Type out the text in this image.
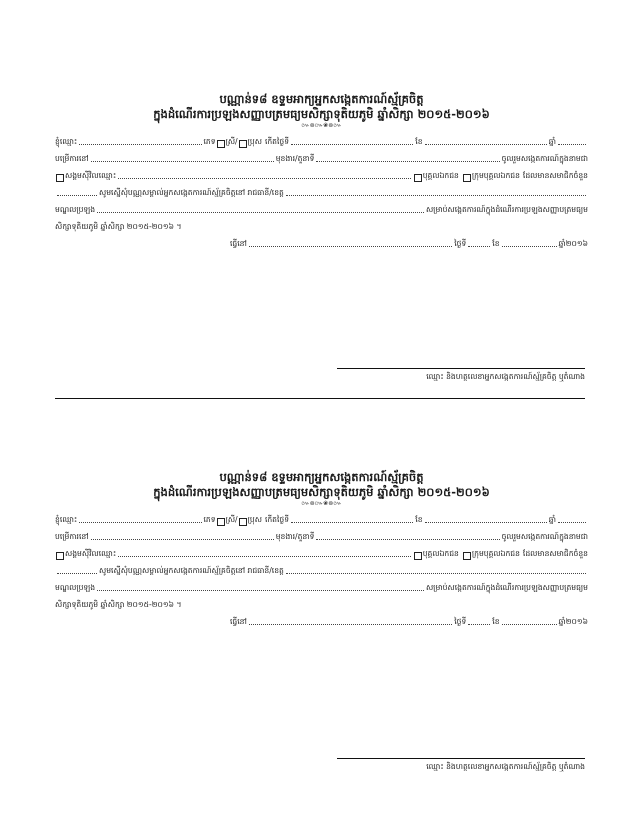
បណ្ណាន់ទ៨ ឧទ្ទមអាក្យអ្នកសង្កេតការណ៍ស្ម័គ្រចិត្ត
ក្នុងដំណើរការប្រឡងសញ្ញាបត្រមធ្យមសិក្សាទុតិយភូមិ ឆ្នាំសិក្សា ២០១៥-២០១៦
៚៙៚❀៙៚
ខ្ញុំឈ្មោះ	ភេទ ស្រី/ ប្រុស កើតថ្ងៃទី	ខែ	ឆ្នាំ
បម្រើការនៅ	មុខងារ/តួនាទី	ចូលរួមសង្កេតការណ៍ក្នុងនាមជា
សង្គមស៊ីវិលឈ្មោះ	បុគ្គលឯកជន ក្រុមបុគ្គលឯកជន ដែលមានសមាជិកចំនួន
សូមស្នើសុំបណ្ណសម្គាល់អ្នកសង្កេតការណ៍ស្ម័គ្រចិត្តនៅ រាជធានី/ខេត្ត
មណ្ឌលប្រឡង	សម្រាប់សង្កេតការណ៍ក្នុងដំណើរការប្រឡងសញ្ញាបត្រមធ្យម
សិក្សាទុតិយភូមិ ឆ្នាំសិក្សា ២០១៥-២០១៦ ។
ធ្វើនៅ	ថ្ងៃទី	ខែ	ឆ្នាំ២០១៦
ឈ្មោះ និងហត្ថលេខាអ្នកសង្កេតការណ៍ស្ម័គ្រចិត្ត ឬតំណាង
បណ្ណាន់ទ៨ ឧទ្ទមអាក្យអ្នកសង្កេតការណ៍ស្ម័គ្រចិត្ត
ក្នុងដំណើរការប្រឡងសញ្ញាបត្រមធ្យមសិក្សាទុតិយភូមិ ឆ្នាំសិក្សា ២០១៥-២០១៦
៚៙៚❀៙៚
ខ្ញុំឈ្មោះ	ភេទ ស្រី/ ប្រុស កើតថ្ងៃទី	ខែ	ឆ្នាំ
បម្រើការនៅ	មុខងារ/តួនាទី	ចូលរួមសង្កេតការណ៍ក្នុងនាមជា
សង្គមស៊ីវិលឈ្មោះ	បុគ្គលឯកជន ក្រុមបុគ្គលឯកជន ដែលមានសមាជិកចំនួន
សូមស្នើសុំបណ្ណសម្គាល់អ្នកសង្កេតការណ៍ស្ម័គ្រចិត្តនៅ រាជធានី/ខេត្ត
មណ្ឌលប្រឡង	សម្រាប់សង្កេតការណ៍ក្នុងដំណើរការប្រឡងសញ្ញាបត្រមធ្យម
សិក្សាទុតិយភូមិ ឆ្នាំសិក្សា ២០១៥-២០១៦ ។
ធ្វើនៅ	ថ្ងៃទី	ខែ	ឆ្នាំ២០១៦
ឈ្មោះ និងហត្ថលេខាអ្នកសង្កេតការណ៍ស្ម័គ្រចិត្ត ឬតំណាង
